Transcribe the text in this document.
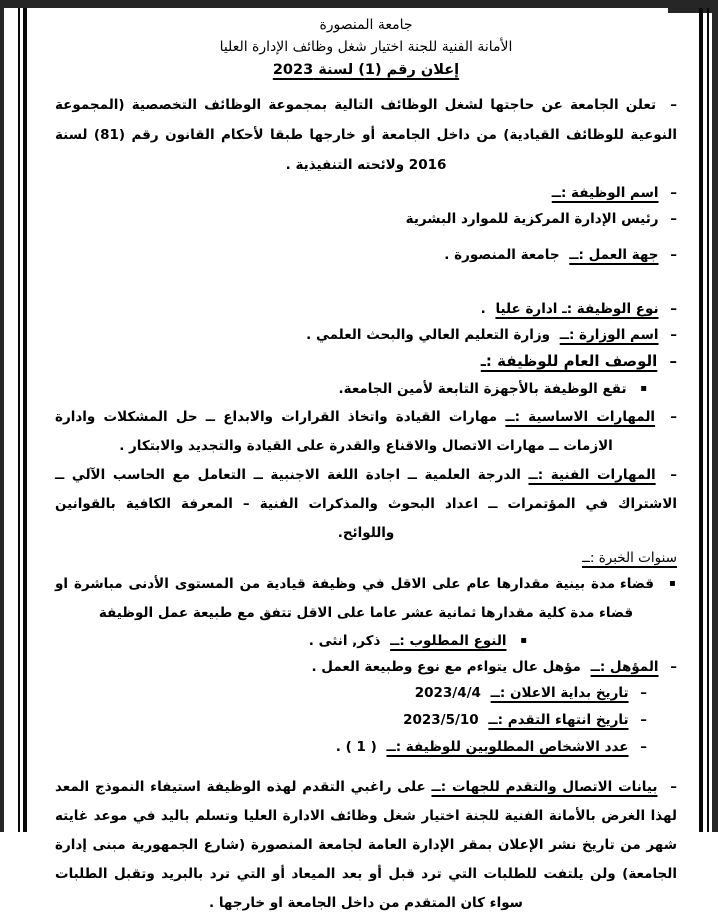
جامعة المنصورة
الأمانة الفنية للجنة اختيار شغل وظائف الإدارة العليا
إعلان رقم (1) لسنة 2023
– تعلن الجامعة عن حاجتها لشغل الوظائف التالية بمجموعة الوظائف التخصصية (المجموعة النوعية للوظائف القيادية) من داخل الجامعة أو خارجها طبقا لأحكام القانون رقم (81) لسنة 2016 ولائحته التنفيذية .
– اسم الوظيفة :ــ
– رئيس الإدارة المركزية للموارد البشرية
– جهة العمل :ــ جامعة المنصورة .
– نوع الوظيفة :ـ ادارة عليا .
– اسم الوزارة :ــ وزارة التعليم العالي والبحث العلمي .
– الوصف العام للوظيفة :ـ
▪ تقع الوظيفة بالأجهزة التابعة لأمين الجامعة.
– المهارات الاساسية :ــ مهارات القيادة واتخاذ القرارات والابداع ــ حل المشكلات وادارة الازمات ــ مهارات الاتصال والاقناع والقدرة على القيادة والتجديد والابتكار .
– المهارات الفنية :ــ الدرجة العلمية ــ اجادة اللغة الاجنبية ــ التعامل مع الحاسب الآلي ــ الاشتراك في المؤتمرات ــ اعداد البحوث والمذكرات الفنية – المعرفة الكافية بالقوانين واللوائح.
سنوات الخبرة :ــ
▪ قضاء مدة بينية مقدارها عام على الاقل في وظيفة قيادية من المستوى الأدنى مباشرة او قضاء مدة كلية مقدارها ثمانية عشر عاما على الاقل تتفق مع طبيعة عمل الوظيفة
▪ النوع المطلوب :ــ ذكر, انثى .
– المؤهل :ــ مؤهل عال يتواءم مع نوع وطبيعة العمل .
– تاريخ بداية الاعلان :ــ 2023/4/4
– تاريخ انتهاء التقدم :ــ 2023/5/10
– عدد الاشخاص المطلوبين للوظيفة :ــ ( 1 ) .
– بيانات الاتصال والتقدم للجهات :ــ على راغبي التقدم لهذه الوظيفة استيفاء النموذج المعد لهذا الغرض بالأمانة الفنية للجنة اختيار شغل وظائف الادارة العليا وتسلم باليد في موعد غايته شهر من تاريخ نشر الإعلان بمقر الإدارة العامة لجامعة المنصورة (شارع الجمهورية مبنى إدارة الجامعة) ولن يلتفت للطلبات التي ترد قبل أو بعد الميعاد أو التي ترد بالبريد وتقبل الطلبات سواء كان المتقدم من داخل الجامعة او خارجها .
